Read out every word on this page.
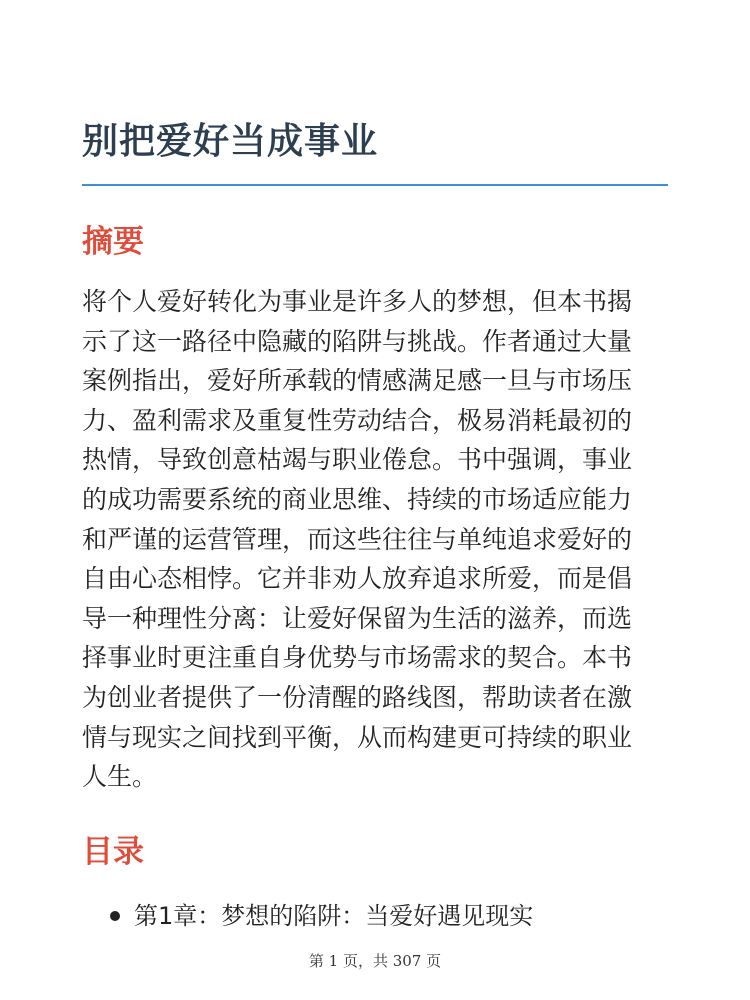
别把爱好当成事业
摘要
将个人爱好转化为事业是许多人的梦想，但本书揭
示了这一路径中隐藏的陷阱与挑战。作者通过大量
案例指出，爱好所承载的情感满足感一旦与市场压
力、盈利需求及重复性劳动结合，极易消耗最初的
热情，导致创意枯竭与职业倦怠。书中强调，事业
的成功需要系统的商业思维、持续的市场适应能力
和严谨的运营管理，而这些往往与单纯追求爱好的
自由心态相悖。它并非劝人放弃追求所爱，而是倡
导一种理性分离：让爱好保留为生活的滋养，而选
择事业时更注重自身优势与市场需求的契合。本书
为创业者提供了一份清醒的路线图，帮助读者在激
情与现实之间找到平衡，从而构建更可持续的职业
人生。
目录
第1章：梦想的陷阱：当爱好遇见现实
第 1 页，共 307 页
